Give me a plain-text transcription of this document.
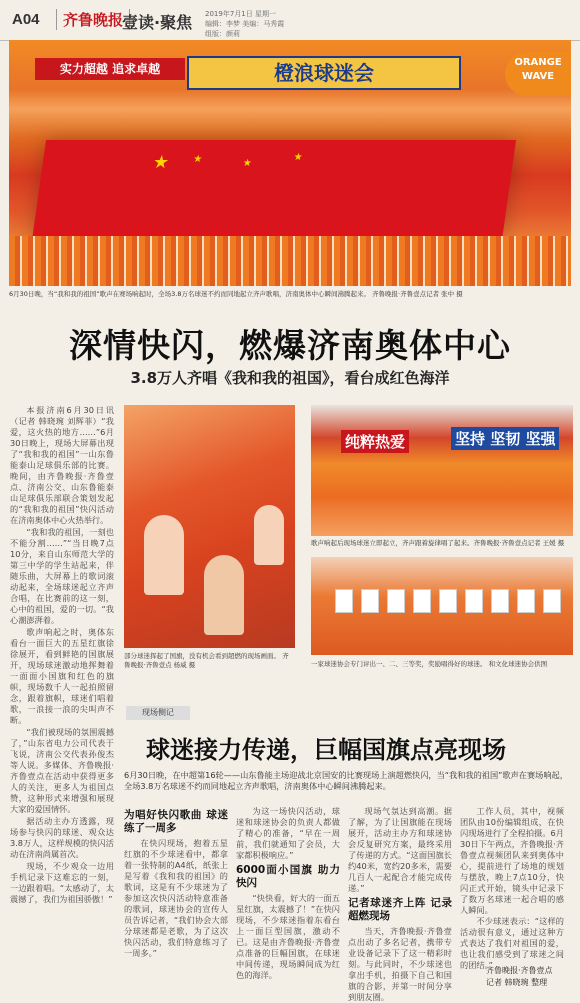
A04	齐鲁晚报
壹读·聚焦 2019年7月1日 星期一
编辑：李梦 美编：马秀霞
组版：颜莉
实力超越 追求卓越	橙浪球迷会	ORANGE WAVE
★ ★	★
★
6月30日晚，当“我和我的祖国”歌声在赛场响起时，全场3.8万名球迷不约而同地起立齐声歌唱，济南奥体中心瞬间沸腾起来。 齐鲁晚报·齐鲁壹点记者 张中 摄
深情快闪，燃爆济南奥体中心
3.8万人齐唱《我和我的祖国》，看台成红色海洋

本报济南6月30日讯（记者 韩晓琬 刘辉菲）“我爱，这火热的地方……”6月30日晚上，现场大屏幕出现了“我和我的祖国”一山东鲁能泰山足球俱乐部的比赛。晚间，由齐鲁晚报·齐鲁壹点、济南公交、山东鲁能泰山足球俱乐部联合策划发起的“我和我的祖国”快闪活动在济南奥体中心火热举行。

“我和我的祖国，一刻也不能分割……”“当日晚7点10分，来自山东师范大学的第三中学的学生站起来，伴随乐曲，大屏幕上的歌词滚动起来，全场球迷起立齐声合唱，在比赛前的这一刻，心中的祖国，爱的一切。“我心潮澎湃着。

歌声响起之时，奥体东看台一面巨大的五星红旗徐徐展开，看到鲜艳的国旗展开，现场球迷激动地挥舞着一面面小国旗和红色的旗帜，现场数千人一起拍照留念，跟着旗帜，球迷们唱着歌，一浪接一浪的尖叫声不断。

“我们被现场的氛围震撼了，”山东省电力公司代表于飞说，济南公交代表孙俊杰等人说。多媒体、齐鲁晚报·齐鲁壹点在活动中获得更多人的关注，更多人为祖国点赞，这种形式来增强和展现大家的爱国情怀。

据活动主办方透露，现场参与快闪的球迷、观众达3.8万人，这样规模的快闪活动在济南尚属首次。

现场，不少观众一边用手机记录下这难忘的一刻，一边跟着唱。“太感动了，太震撼了，我们为祖国骄傲！”

部分球迷挥起了国旗，没有机会看到超燃的现场画面。 齐鲁晚报·齐鲁壹点 杨威 摄
纯粹热爱	坚持 坚韧 坚强
歌声响起后现场球迷立即起立，齐声跟着旋律唱了起来。齐鲁晚报·齐鲁壹点记者 王媛 摄
一家球迷协会专门评出一、二、三等奖，奖励唱得好的球迷。 和文化球迷协会供图
现场侧记
球迷接力传递，巨幅国旗点亮现场
6月30日晚，在中超第16轮——山东鲁能主场迎战北京国安的比赛现场上演超燃快闪，当“我和我的祖国”歌声在赛场响起，全场3.8万名球迷不约而同地起立齐声歌唱，济南奥体中心瞬间沸腾起来。
为唱好快闪歌曲 球迷练了一周多

在快闪现场，抱着五星红旗的不少球迷看中，都拿着一张特制的A4纸，纸张上是写着《我和我的祖国》的歌词，这是有不少球迷为了参加这次快闪活动特意准备的歌词，球迷协会的宣传人员告诉记者，“我们协会大部分球迷都是老歌，为了这次快闪活动，我们特意练习了一周多。”

为这一场快闪活动，球迷和球迷协会的负责人都做了精心的准备，“早在一周前，我们就通知了会员，大家都积极响应。”

6000面小国旗 助力快闪

“快快看，好大的一面五星红旗，太震撼了！”在快闪现场，不少球迷指着东看台上一面巨型国旗，激动不已。这是由齐鲁晚报·齐鲁壹点准备的巨幅国旗，在球迷中间传递，现场瞬间成为红色的海洋。

现场气氛达到高潮。据了解，为了让国旗能在现场展开，活动主办方和球迷协会反复研究方案，最终采用了传递的方式。“这面国旗长约40米，宽约20多米，需要几百人一起配合才能完成传递。”

记者球迷齐上阵 记录超燃现场

当天，齐鲁晚报·齐鲁壹点出动了多名记者，携带专业设备记录下了这一精彩时刻。与此同时，不少球迷也拿出手机，拍摄下自己和国旗的合影，并第一时间分享到朋友圈。

工作人员，其中，视频团队由10份编辑组成，在快闪现场进行了全程拍摄。6月30日下午两点，齐鲁晚报·齐鲁壹点视频团队来到奥体中心，提前进行了场地的规划与摆放，晚上7点10分，快闪正式开始，镜头中记录下了数万名球迷一起合唱的感人瞬间。

不少球迷表示：“这样的活动很有意义，通过这种方式表达了我们对祖国的爱，也让我们感受到了球迷之间的团结。”

齐鲁晚报·齐鲁壹点
记者 韩晓琬 整理
